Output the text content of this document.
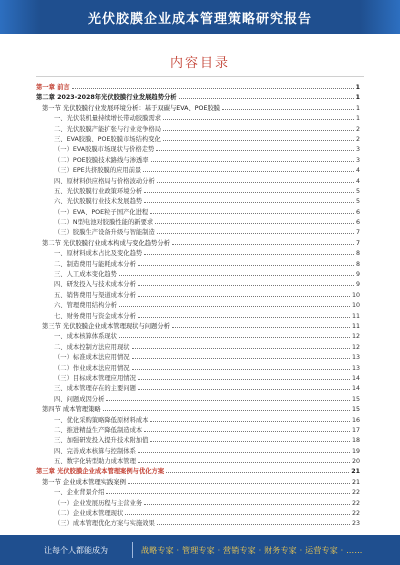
光伏胶膜企业成本管理策略研究报告
内容目录
第一章 前言	1
第二章 2023-2028年光伏胶膜行业发展趋势分析	1
第一节 光伏胶膜行业发展环境分析：基于双碳与EVA、POE胶膜	1
一、光伏装机量持续增长带动胶膜需求	1
二、光伏胶膜产能扩张与行业竞争格局	2
三、EVA胶膜、POE胶膜市场结构变化	2
（一）EVA胶膜市场现状与价格走势	3
（二）POE胶膜技术路线与渗透率	3
（三）EPE共挤胶膜的应用前景	4
四、原材料供应格局与价格波动分析	4
五、光伏胶膜行业政策环境分析	5
六、光伏胶膜行业技术发展趋势	5
（一）EVA、POE粒子国产化进程	6
（二）N型电池对胶膜性能的新要求	6
（三）胶膜生产设备升级与智能制造	7
第二节 光伏胶膜行业成本构成与变化趋势分析	7
一、原材料成本占比及变化趋势	8
二、制造费用与能耗成本分析	8
三、人工成本变化趋势	9
四、研发投入与技术成本分析	9
五、销售费用与渠道成本分析	10
六、管理费用结构分析	10
七、财务费用与资金成本分析	11
第三节 光伏胶膜企业成本管理现状与问题分析	11
一、成本核算体系现状	12
二、成本控制方法应用现状	12
（一）标准成本法应用情况	13
（二）作业成本法应用情况	13
（三）目标成本管理应用情况	14
三、成本管理存在的主要问题	14
四、问题成因分析	15
第四节 成本管理策略	15
一、优化采购策略降低原材料成本	16
二、推进精益生产降低制造成本	17
三、加强研发投入提升技术附加值	18
四、完善成本核算与控制体系	19
五、数字化转型助力成本管理	20
第三章 光伏胶膜企业成本管理案例与优化方案	21
第一节 企业成本管理实践案例	21
一、企业背景介绍	22
（一）企业发展历程与主营业务	22
（二）企业成本管理现状	22
（三）成本管理优化方案与实施效果	23
让每个人都能成为	战略专家 · 管理专家 · 营销专家 · 财务专家 · 运营专家 · ……
